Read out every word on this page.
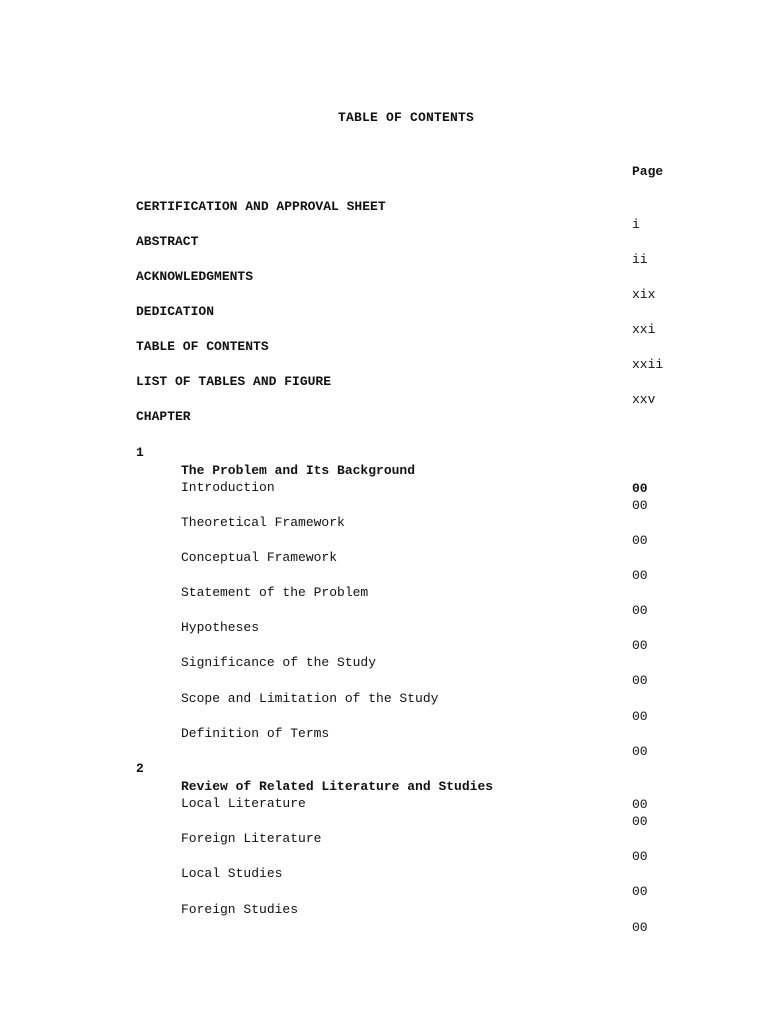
TABLE OF CONTENTS

Page

CERTIFICATION AND APPROVAL SHEET

i

ABSTRACT

ii

ACKNOWLEDGMENTS

xix

DEDICATION

xxi

TABLE OF CONTENTS

xxii

LIST OF TABLES AND FIGURE

xxv

CHAPTER

1

The Problem and Its Background

00

Introduction

00

Theoretical Framework

00

Conceptual Framework

00

Statement of the Problem

00

Hypotheses

00

Significance of the Study

00

Scope and Limitation of the Study

00

Definition of Terms

00

2

Review of Related Literature and Studies

00

Local Literature

00

Foreign Literature

00

Local Studies

00

Foreign Studies

00
